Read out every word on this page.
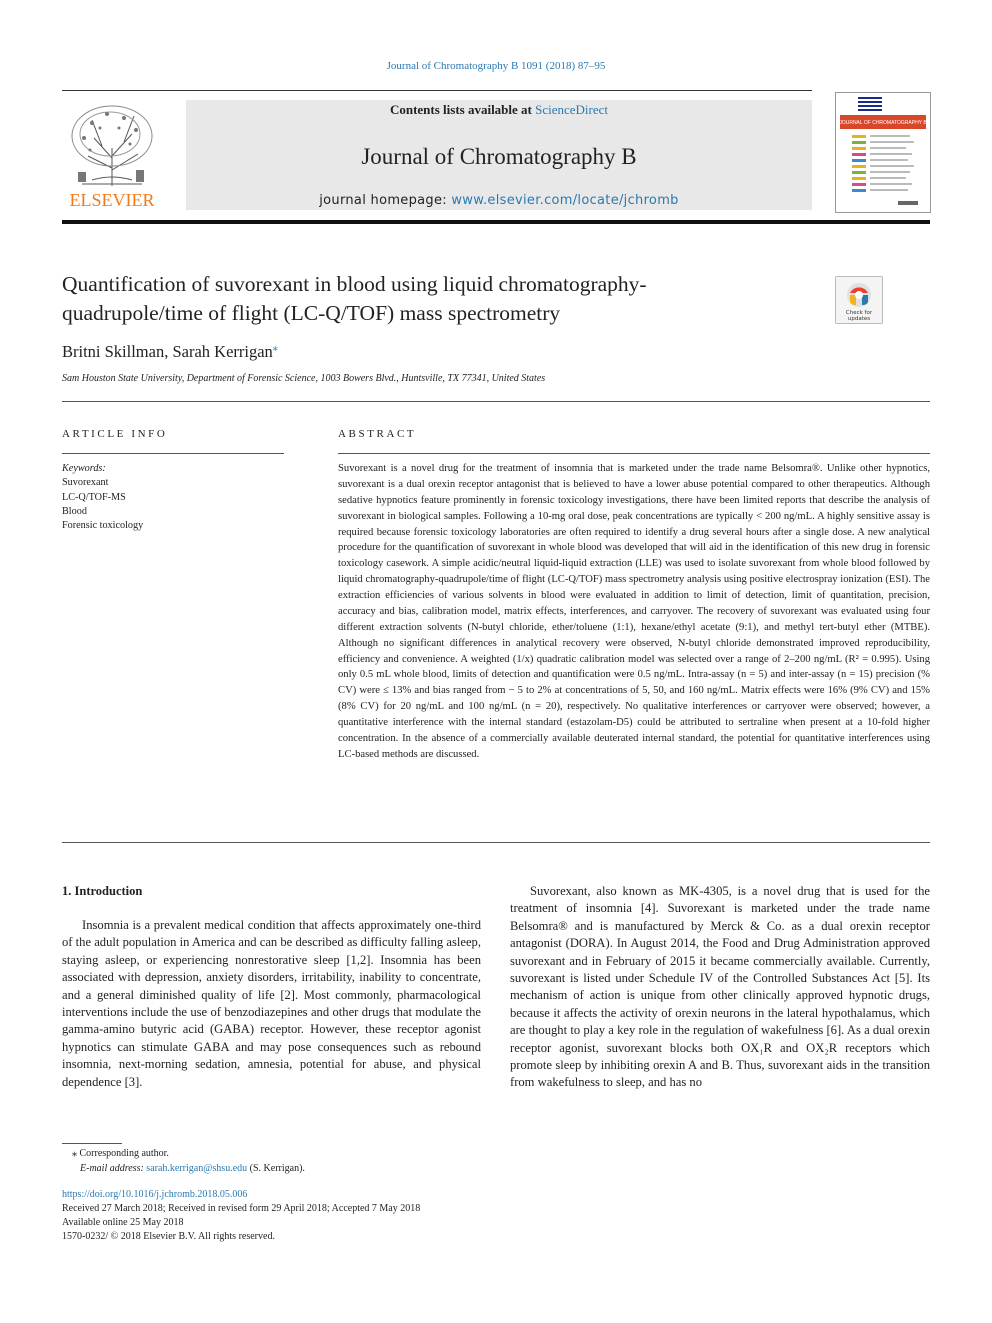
Journal of Chromatography B 1091 (2018) 87–95
ELSEVIER
Contents lists available at ScienceDirect
Journal of Chromatography B
journal homepage: www.elsevier.com/locate/jchromb
JOURNAL OF CHROMATOGRAPHY B
Quantification of suvorexant in blood using liquid chromatography-
quadrupole/time of flight (LC-Q/TOF) mass spectrometry	Check for
updates
Britni Skillman, Sarah Kerrigan⁎
Sam Houston State University, Department of Forensic Science, 1003 Bowers Blvd., Huntsville, TX 77341, United States
ARTICLE INFO	ABSTRACT
Keywords:
Suvorexant
LC-Q/TOF-MS
Blood
Forensic toxicology
Suvorexant is a novel drug for the treatment of insomnia that is marketed under the trade name Belsomra®. Unlike other hypnotics, suvorexant is a dual orexin receptor antagonist that is believed to have a lower abuse potential compared to other therapeutics. Although sedative hypnotics feature prominently in forensic toxicology investigations, there have been limited reports that describe the analysis of suvorexant in biological samples. Following a 10-mg oral dose, peak concentrations are typically < 200 ng/mL. A highly sensitive assay is required because forensic toxicology laboratories are often required to identify a drug several hours after a single dose. A new analytical procedure for the quantification of suvorexant in whole blood was developed that will aid in the identification of this new drug in forensic toxicology casework. A simple acidic/neutral liquid-liquid extraction (LLE) was used to isolate suvorexant from whole blood followed by liquid chromatography-quadrupole/time of flight (LC-Q/TOF) mass spectrometry analysis using positive electrospray ionization (ESI). The extraction efficiencies of various solvents in blood were evaluated in addition to limit of detection, limit of quantitation, precision, accuracy and bias, calibration model, matrix effects, interferences, and carryover. The recovery of suvorexant was evaluated using four different extraction solvents (N-butyl chloride, ether/toluene (1:1), hexane/ethyl acetate (9:1), and methyl tert-butyl ether (MTBE). Although no significant differences in analytical recovery were observed, N-butyl chloride demonstrated improved reproducibility, efficiency and convenience. A weighted (1/x) quadratic calibration model was selected over a range of 2–200 ng/mL (R² = 0.995). Using only 0.5 mL whole blood, limits of detection and quantification were 0.5 ng/mL. Intra-assay (n = 5) and inter-assay (n = 15) precision (% CV) were ≤ 13% and bias ranged from − 5 to 2% at concentrations of 5, 50, and 160 ng/mL. Matrix effects were 16% (9% CV) and 15% (8% CV) for 20 ng/mL and 100 ng/mL (n = 20), respectively. No qualitative interferences or carryover were observed; however, a quantitative interference with the internal standard (estazolam-D5) could be attributed to sertraline when present at a 10-fold higher concentration. In the absence of a commercially available deuterated internal standard, the potential for quantitative interferences using LC-based methods are discussed.
1. Introduction
Insomnia is a prevalent medical condition that affects approximately one-third of the adult population in America and can be described as difficulty falling asleep, staying asleep, or experiencing nonrestorative sleep [1,2]. Insomnia has been associated with depression, anxiety disorders, irritability, inability to concentrate, and a general diminished quality of life [2]. Most commonly, pharmacological interventions include the use of benzodiazepines and other drugs that modulate the gamma-amino butyric acid (GABA) receptor. However, these receptor agonist hypnotics can stimulate GABA and may pose consequences such as rebound insomnia, next-morning sedation, amnesia, potential for abuse, and physical dependence [3].
Suvorexant, also known as MK-4305, is a novel drug that is used for the treatment of insomnia [4]. Suvorexant is marketed under the trade name Belsomra® and is manufactured by Merck & Co. as a dual orexin receptor antagonist (DORA). In August 2014, the Food and Drug Administration approved suvorexant and in February of 2015 it became commercially available. Currently, suvorexant is listed under Schedule IV of the Controlled Substances Act [5]. Its mechanism of action is unique from other clinically approved hypnotic drugs, because it affects the activity of orexin neurons in the lateral hypothalamus, which are thought to play a key role in the regulation of wakefulness [6]. As a dual orexin receptor agonist, suvorexant blocks both OX₁R and OX₂R receptors which promote sleep by inhibiting orexin A and B. Thus, suvorexant aids in the transition from wakefulness to sleep, and has no
⁎ Corresponding author.
E-mail address: sarah.kerrigan@shsu.edu (S. Kerrigan).
https://doi.org/10.1016/j.jchromb.2018.05.006
Received 27 March 2018; Received in revised form 29 April 2018; Accepted 7 May 2018
Available online 25 May 2018
1570-0232/ © 2018 Elsevier B.V. All rights reserved.
